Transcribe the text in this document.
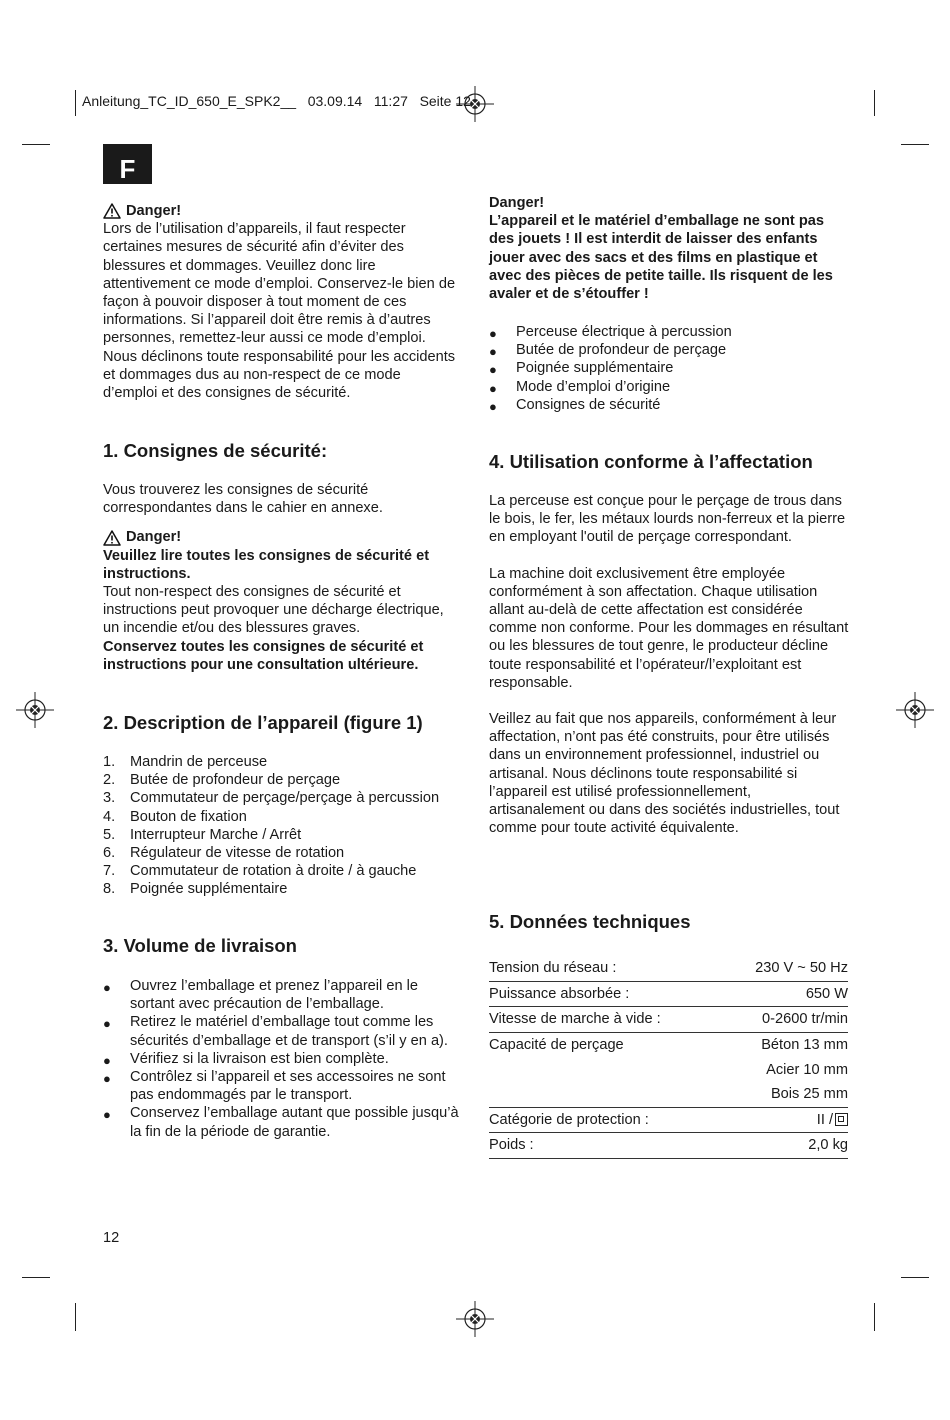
Anleitung_TC_ID_650_E_SPK2__ 03.09.14 11:27 Seite 12
F
Danger!

Lors de l’utilisation d’appareils, il faut respecter certaines mesures de sécurité afin d’éviter des blessures et dommages. Veuillez donc lire attentivement ce mode d’emploi. Conservez-le bien de façon à pouvoir disposer à tout moment de ces informations. Si l’appareil doit être remis à d’autres personnes, remettez-leur aussi ce mode d’emploi. Nous déclinons toute responsabilité pour les accidents et dommages dus au non-respect de ce mode d’emploi et des consignes de sécurité.

1. Consignes de sécurité:

Vous trouverez les consignes de sécurité correspondantes dans le cahier en annexe.

Danger!

Veuillez lire toutes les consignes de sécurité et instructions.

Tout non-respect des consignes de sécurité et instructions peut provoquer une décharge électrique, un incendie et/ou des blessures graves.

Conservez toutes les consignes de sécurité et instructions pour une consultation ultérieure.

2. Description de l’appareil (figure 1)
1.	Mandrin de perceuse
2.	Butée de profondeur de perçage
3.	Commutateur de perçage/perçage à percussion
4.	Bouton de fixation
5.	Interrupteur Marche / Arrêt
6.	Régulateur de vitesse de rotation
7.	Commutateur de rotation à droite / à gauche
8.	Poignée supplémentaire
3. Volume de livraison
●	Ouvrez l’emballage et prenez l’appareil en le sortant avec précaution de l’emballage.
●	Retirez le matériel d’emballage tout comme les sécurités d’emballage et de transport (s’il y en a).
●	Vérifiez si la livraison est bien complète.
●	Contrôlez si l’appareil et ses accessoires ne sont pas endommagés par le transport.
●	Conservez l’emballage autant que possible jusqu’à la fin de la période de garantie.

Danger!

L’appareil et le matériel d’emballage ne sont pas des jouets ! Il est interdit de laisser des enfants jouer avec des sacs et des films en plastique et avec des pièces de petite taille. Ils risquent de les avaler et de s’étouffer !

●	Perceuse électrique à percussion
●	Butée de profondeur de perçage
●	Poignée supplémentaire
●	Mode d’emploi d’origine
●	Consignes de sécurité
4. Utilisation conforme à l’affectation

La perceuse est conçue pour le perçage de trous dans le bois, le fer, les métaux lourds non-ferreux et la pierre en employant l'outil de perçage correspondant.

La machine doit exclusivement être employée conformément à son affectation. Chaque utilisation allant au-delà de cette affectation est considérée comme non conforme. Pour les dommages en résultant ou les blessures de tout genre, le producteur décline toute responsabilité et l’opérateur/l’exploitant est responsable.

Veillez au fait que nos appareils, conformément à leur affectation, n’ont pas été construits, pour être utilisés dans un environnement professionnel, industriel ou artisanal. Nous déclinons toute responsabilité si l’appareil est utilisé professionnellement, artisanalement ou dans des sociétés industrielles, tout comme pour toute activité équivalente.

5. Données techniques
Tension du réseau :	230 V ~ 50 Hz
Puissance absorbée :	650 W
Vitesse de marche à vide :	0-2600 tr/min
Capacité de perçage	Béton 13 mm
	Acier 10 mm
	Bois 25 mm
Catégorie de protection :	II /
Poids :	2,0 kg
12
